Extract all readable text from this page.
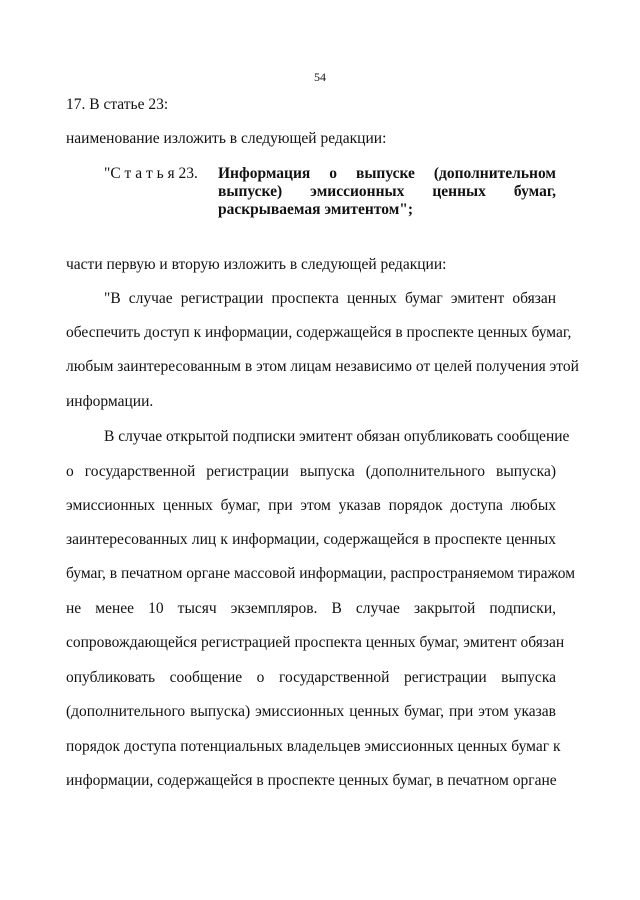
54
17. В статье 23:
наименование изложить в следующей редакции:
"С т а т ь я 23.	Информация о выпуске (дополнительном
выпуске) эмиссионных ценных бумаг,
раскрываемая эмитентом";
части первую и вторую изложить в следующей редакции:
"В случае регистрации проспекта ценных бумаг эмитент обязан
обеспечить доступ к информации, содержащейся в проспекте ценных бумаг,
любым заинтересованным в этом лицам независимо от целей получения этой
информации.
В случае открытой подписки эмитент обязан опубликовать сообщение
о государственной регистрации выпуска (дополнительного выпуска)
эмиссионных ценных бумаг, при этом указав порядок доступа любых
заинтересованных лиц к информации, содержащейся в проспекте ценных
бумаг, в печатном органе массовой информации, распространяемом тиражом
не менее 10 тысяч экземпляров. В случае закрытой подписки,
сопровождающейся регистрацией проспекта ценных бумаг, эмитент обязан
опубликовать сообщение о государственной регистрации выпуска
(дополнительного выпуска) эмиссионных ценных бумаг, при этом указав
порядок доступа потенциальных владельцев эмиссионных ценных бумаг к
информации, содержащейся в проспекте ценных бумаг, в печатном органе
